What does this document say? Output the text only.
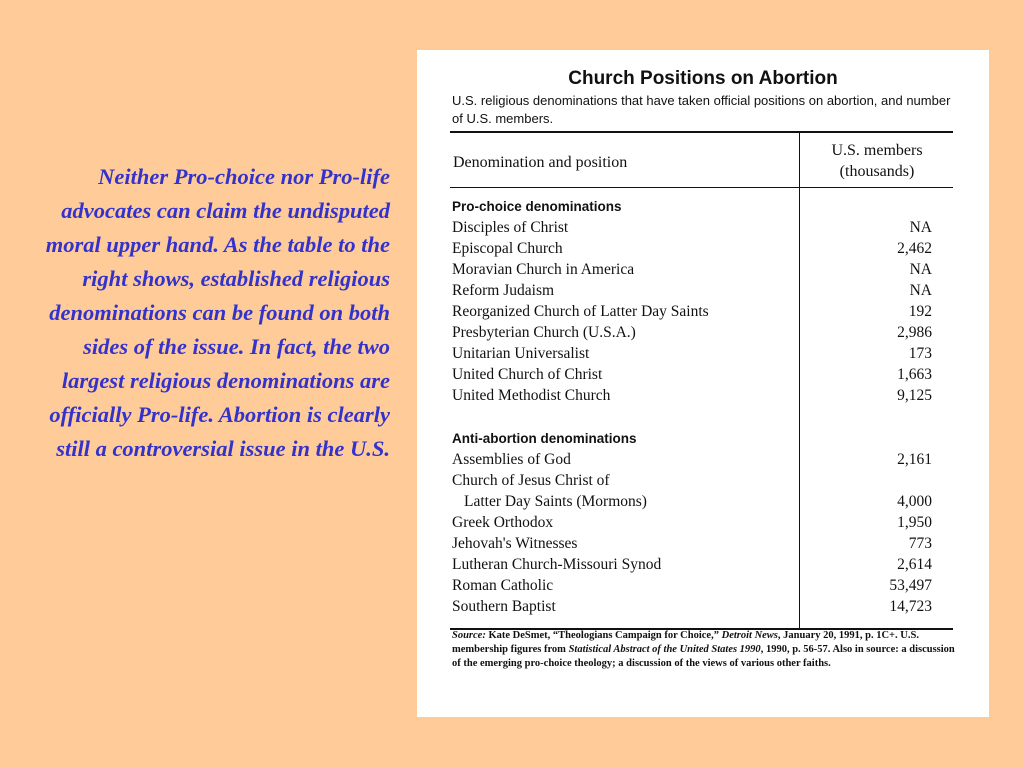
Neither Pro-choice nor Pro-life advocates can claim the undisputed moral upper hand. As the table to the right shows, established religious denominations can be found on both sides of the issue. In fact, the two largest religious denominations are officially Pro-life. Abortion is clearly still a controversial issue in the U.S.
Church Positions on Abortion
U.S. religious denominations that have taken official positions on abortion, and number of U.S. members.
Denomination and position
U.S. members
(thousands)
Pro-choice denominations
Disciples of Christ	NA
Episcopal Church	2,462
Moravian Church in America	NA
Reform Judaism	NA
Reorganized Church of Latter Day Saints	192
Presbyterian Church (U.S.A.)	2,986
Unitarian Universalist	173
United Church of Christ	1,663
United Methodist Church	9,125
Anti-abortion denominations
Assemblies of God	2,161
Church of Jesus Christ of
Latter Day Saints (Mormons)	4,000
Greek Orthodox	1,950
Jehovah's Witnesses	773
Lutheran Church-Missouri Synod	2,614
Roman Catholic	53,497
Southern Baptist	14,723
Source: Kate DeSmet, “Theologians Campaign for Choice,” Detroit News, January 20, 1991, p. 1C+. U.S. membership figures from Statistical Abstract of the United States 1990, 1990, p. 56-57. Also in source: a discussion of the emerging pro-choice theology; a discussion of the views of various other faiths.
